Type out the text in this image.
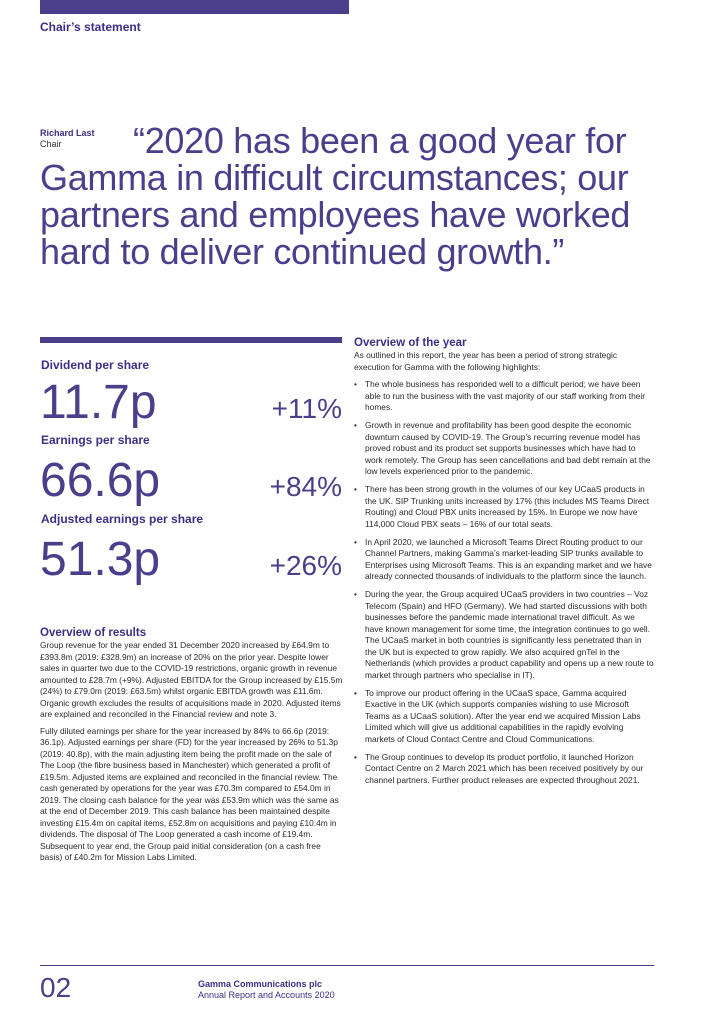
Chair’s statement
Richard Last
Chair	“2020 has been a good year for Gamma in difficult circumstances; our partners and employees have worked hard to deliver continued growth.”
Dividend per share
11.7p	+11%
Earnings per share
66.6p	+84%
Adjusted earnings per share
51.3p	+26%
Overview of results

Group revenue for the year ended 31 December 2020 increased by £64.9m to £393.8m (2019: £328.9m) an increase of 20% on the prior year. Despite lower sales in quarter two due to the COVID-19 restrictions, organic growth in revenue amounted to £28.7m (+9%). Adjusted EBITDA for the Group increased by £15.5m (24%) to £79.0m (2019: £63.5m) whilst organic EBITDA growth was £11.6m. Organic growth excludes the results of acquisitions made in 2020. Adjusted items are explained and reconciled in the Financial review and note 3.

Fully diluted earnings per share for the year increased by 84% to 66.6p (2019: 36.1p). Adjusted earnings per share (FD) for the year increased by 26% to 51.3p (2019: 40.8p), with the main adjusting item being the profit made on the sale of The Loop (the fibre business based in Manchester) which generated a profit of £19.5m. Adjusted items are explained and reconciled in the financial review. The cash generated by operations for the year was £70.3m compared to £54.0m in 2019. The closing cash balance for the year was £53.9m which was the same as at the end of December 2019. This cash balance has been maintained despite investing £15.4m on capital items, £52.8m on acquisitions and paying £10.4m in dividends. The disposal of The Loop generated a cash income of £19.4m. Subsequent to year end, the Group paid initial consideration (on a cash free basis) of £40.2m for Mission Labs Limited.

Overview of the year

As outlined in this report, the year has been a period of strong strategic execution for Gamma with the following highlights:

• The whole business has responded well to a difficult period; we have been able to run the business with the vast majority of our staff working from their homes.
• Growth in revenue and profitability has been good despite the economic downturn caused by COVID-19. The Group’s recurring revenue model has proved robust and its product set supports businesses which have had to work remotely. The Group has seen cancellations and bad debt remain at the low levels experienced prior to the pandemic.
• There has been strong growth in the volumes of our key UCaaS products in the UK. SIP Trunking units increased by 17% (this includes MS Teams Direct Routing) and Cloud PBX units increased by 15%. In Europe we now have 114,000 Cloud PBX seats – 16% of our total seats.
• In April 2020, we launched a Microsoft Teams Direct Routing product to our Channel Partners, making Gamma’s market-leading SIP trunks available to Enterprises using Microsoft Teams. This is an expanding market and we have already connected thousands of individuals to the platform since the launch.
• During the year, the Group acquired UCaaS providers in two countries – Voz Telecom (Spain) and HFO (Germany). We had started discussions with both businesses before the pandemic made international travel difficult. As we have known management for some time, the integration continues to go well. The UCaaS market in both countries is significantly less penetrated than in the UK but is expected to grow rapidly. We also acquired gnTel in the Netherlands (which provides a product capability and opens up a new route to market through partners who specialise in IT).
• To improve our product offering in the UCaaS space, Gamma acquired Exactive in the UK (which supports companies wishing to use Microsoft Teams as a UCaaS solution). After the year end we acquired Mission Labs Limited which will give us additional capabilities in the rapidly evolving markets of Cloud Contact Centre and Cloud Communications.
• The Group continues to develop its product portfolio, it launched Horizon Contact Centre on 2 March 2021 which has been received positively by our channel partners. Further product releases are expected throughout 2021.
02	Gamma Communications plc
Annual Report and Accounts 2020
